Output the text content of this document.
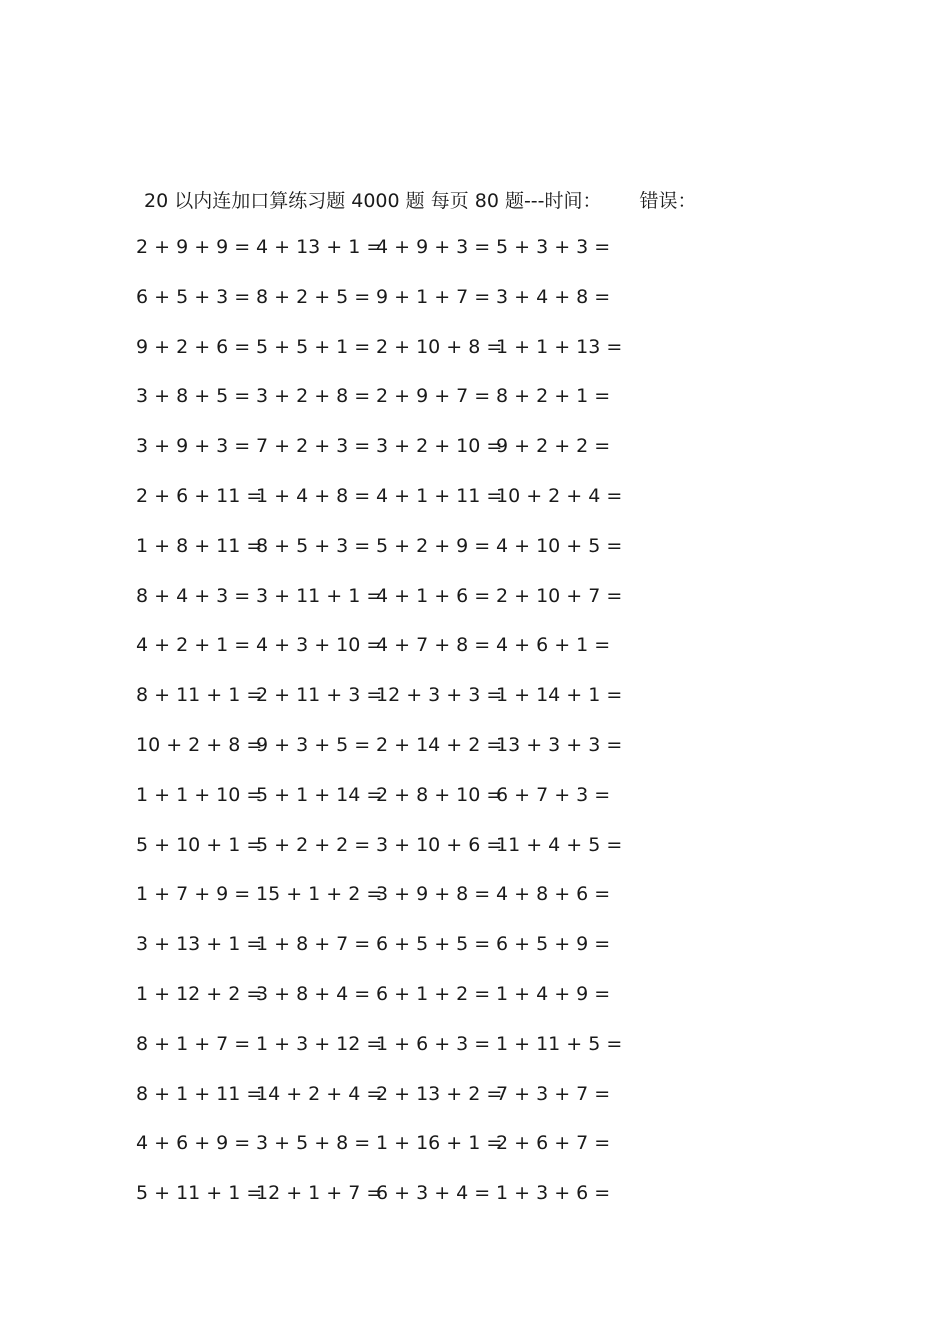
20 以内连加口算练习题 4000 题 每页 80 题---时间： 错误：
2 + 9 + 9 = 4 + 13 + 1 =
4 + 9 + 3 = 5 + 3 + 3 =
6 + 5 + 3 = 8 + 2 + 5 = 9 + 1 + 7 = 3 + 4 + 8 =
9 + 2 + 6 = 5 + 5 + 1 = 2 + 10 + 8 =
1 + 1 + 13 =
3 + 8 + 5 = 3 + 2 + 8 = 2 + 9 + 7 = 8 + 2 + 1 =
3 + 9 + 3 = 7 + 2 + 3 = 3 + 2 + 10 =
9 + 2 + 2 =
2 + 6 + 11 =
1 + 4 + 8 = 4 + 1 + 11 =
10 + 2 + 4 =
1 + 8 + 11 =
8 + 5 + 3 = 5 + 2 + 9 = 4 + 10 + 5 =
8 + 4 + 3 = 3 + 11 + 1 =
4 + 1 + 6 = 2 + 10 + 7 =
4 + 2 + 1 = 4 + 3 + 10 =
4 + 7 + 8 = 4 + 6 + 1 =
8 + 11 + 1 =
2 + 11 + 3 =
12 + 3 + 3 =
1 + 14 + 1 =
10 + 2 + 8 =
9 + 3 + 5 = 2 + 14 + 2 =
13 + 3 + 3 =
1 + 1 + 10 =
5 + 1 + 14 =
2 + 8 + 10 =
6 + 7 + 3 =
5 + 10 + 1 =
5 + 2 + 2 = 3 + 10 + 6 =
11 + 4 + 5 =
1 + 7 + 9 = 15 + 1 + 2 =
3 + 9 + 8 = 4 + 8 + 6 =
3 + 13 + 1 =
1 + 8 + 7 = 6 + 5 + 5 = 6 + 5 + 9 =
1 + 12 + 2 =
3 + 8 + 4 = 6 + 1 + 2 = 1 + 4 + 9 =
8 + 1 + 7 = 1 + 3 + 12 =
1 + 6 + 3 = 1 + 11 + 5 =
8 + 1 + 11 =
14 + 2 + 4 =
2 + 13 + 2 =
7 + 3 + 7 =
4 + 6 + 9 = 3 + 5 + 8 = 1 + 16 + 1 =
2 + 6 + 7 =
5 + 11 + 1 =
12 + 1 + 7 =
6 + 3 + 4 = 1 + 3 + 6 =
